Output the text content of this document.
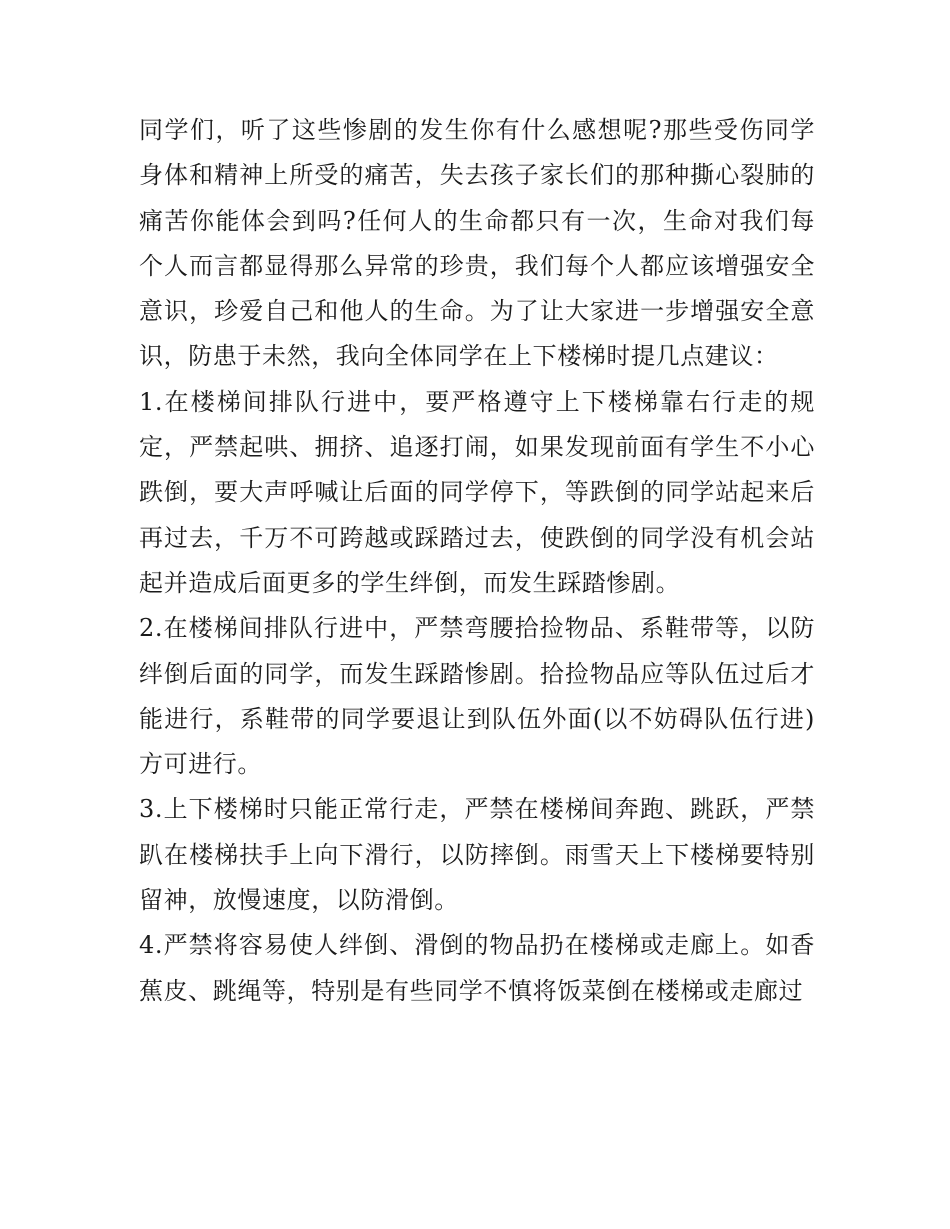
同学们，听了这些惨剧的发生你有什么感想呢?那些受伤同学身体和精神上所受的痛苦，失去孩子家长们的那种撕心裂肺的痛苦你能体会到吗?任何人的生命都只有一次，生命对我们每个人而言都显得那么异常的珍贵，我们每个人都应该增强安全意识，珍爱自己和他人的生命。为了让大家进一步增强安全意识，防患于未然，我向全体同学在上下楼梯时提几点建议：

1.在楼梯间排队行进中，要严格遵守上下楼梯靠右行走的规定，严禁起哄、拥挤、追逐打闹，如果发现前面有学生不小心跌倒，要大声呼喊让后面的同学停下，等跌倒的同学站起来后再过去，千万不可跨越或踩踏过去，使跌倒的同学没有机会站起并造成后面更多的学生绊倒，而发生踩踏惨剧。

2.在楼梯间排队行进中，严禁弯腰拾捡物品、系鞋带等，以防绊倒后面的同学，而发生踩踏惨剧。拾捡物品应等队伍过后才能进行，系鞋带的同学要退让到队伍外面(以不妨碍队伍行进)方可进行。

3.上下楼梯时只能正常行走，严禁在楼梯间奔跑、跳跃，严禁趴在楼梯扶手上向下滑行，以防摔倒。雨雪天上下楼梯要特别留神，放慢速度，以防滑倒。

4.严禁将容易使人绊倒、滑倒的物品扔在楼梯或走廊上。如香蕉皮、跳绳等，特别是有些同学不慎将饭菜倒在楼梯或走廊过
